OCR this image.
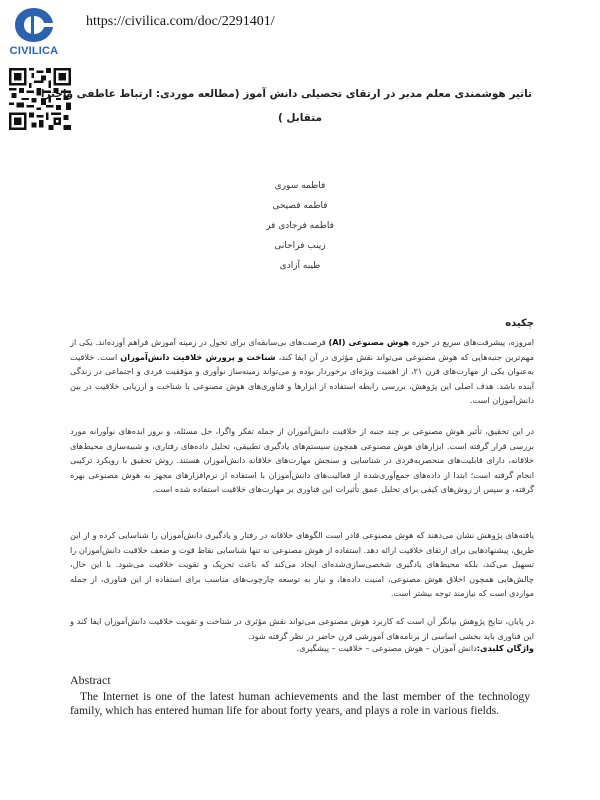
CIVILICA
https://civilica.com/doc/2291401/
تاثیر هوشمندی معلم مدبر در ارتقای تحصیلی دانش آموز (مطالعه موردی: ارتباط عاطفی واحترا
متقابل )
فاطمه سوری
فاطمه فصیحی
فاطمه فرجادی فر
زینب فراحانی
طیبه آزادی
چکیده
امروزه، پیشرفت‌های سریع در حوزه هوش مصنوعی (AI) فرصت‌های بی‌سابقه‌ای برای تحول در زمینه آموزش فراهم آورده‌اند. یکی از مهم‌ترین جنبه‌هایی که هوش مصنوعی می‌تواند نقش مؤثری در آن ایفا کند، شناخت و پرورش خلاقیت دانش‌آموزان است. خلاقیت به‌عنوان یکی از مهارت‌های قرن ۲۱، از اهمیت ویژه‌ای برخوردار بوده و می‌تواند زمینه‌ساز نوآوری و موفقیت فردی و اجتماعی در زندگی آینده باشد. هدف اصلی این پژوهش، بررسی رابطه استفاده از ابزارها و فناوری‌های هوش مصنوعی با شناخت و ارزیابی خلاقیت در بین دانش‌آموزان است.
در این تحقیق، تأثیر هوش مصنوعی بر چند جنبه از خلاقیت دانش‌آموزان از جمله تفکر واگرا، حل مسئله، و بروز ایده‌های نوآورانه مورد بررسی قرار گرفته است. ابزارهای هوش مصنوعی همچون سیستم‌های یادگیری تطبیقی، تحلیل داده‌های رفتاری، و شبیه‌سازی محیط‌های خلاقانه، دارای قابلیت‌های منحصربه‌فردی در شناسایی و سنجش مهارت‌های خلاقانه دانش‌آموزان هستند. روش تحقیق با رویکرد ترکیبی انجام گرفته است؛ ابتدا از داده‌های جمع‌آوری‌شده از فعالیت‌های دانش‌آموزان با استفاده از نرم‌افزارهای مجهز به هوش مصنوعی بهره گرفته، و سپس از روش‌های کیفی برای تحلیل عمق تأثیرات این فناوری بر مهارت‌های خلاقیت استفاده شده است.
یافته‌های پژوهش نشان می‌دهند که هوش مصنوعی قادر است الگوهای خلاقانه در رفتار و یادگیری دانش‌آموزان را شناسایی کرده و از این طریق، پیشنهادهایی برای ارتقای خلاقیت ارائه دهد. استفاده از هوش مصنوعی نه تنها شناسایی نقاط قوت و ضعف خلاقیت دانش‌آموزان را تسهیل می‌کند، بلکه محیط‌های یادگیری شخصی‌سازی‌شده‌ای ایجاد می‌کند که باعث تحریک و تقویت خلاقیت می‌شود. با این حال، چالش‌هایی همچون اخلاق هوش مصنوعی، امنیت داده‌ها، و نیاز به توسعه چارچوب‌های مناسب برای استفاده از این فناوری، از جمله مواردی است که نیازمند توجه بیشتر است.
در پایان، نتایج پژوهش بیانگر آن است که کاربرد هوش مصنوعی می‌تواند نقش مؤثری در شناخت و تقویت خلاقیت دانش‌آموزان ایفا کند و این فناوری باید بخشی اساسی از برنامه‌های آموزشی قرن حاضر در نظر گرفته شود.
واژگان کلیدی:دانش آموزان – هوش مصنوعی – خلاقیت – پیشگیری.
Abstract
The Internet is one of the latest human achievements and the last member of the technology family, which has entered human life for about forty years, and plays a role in various fields.
